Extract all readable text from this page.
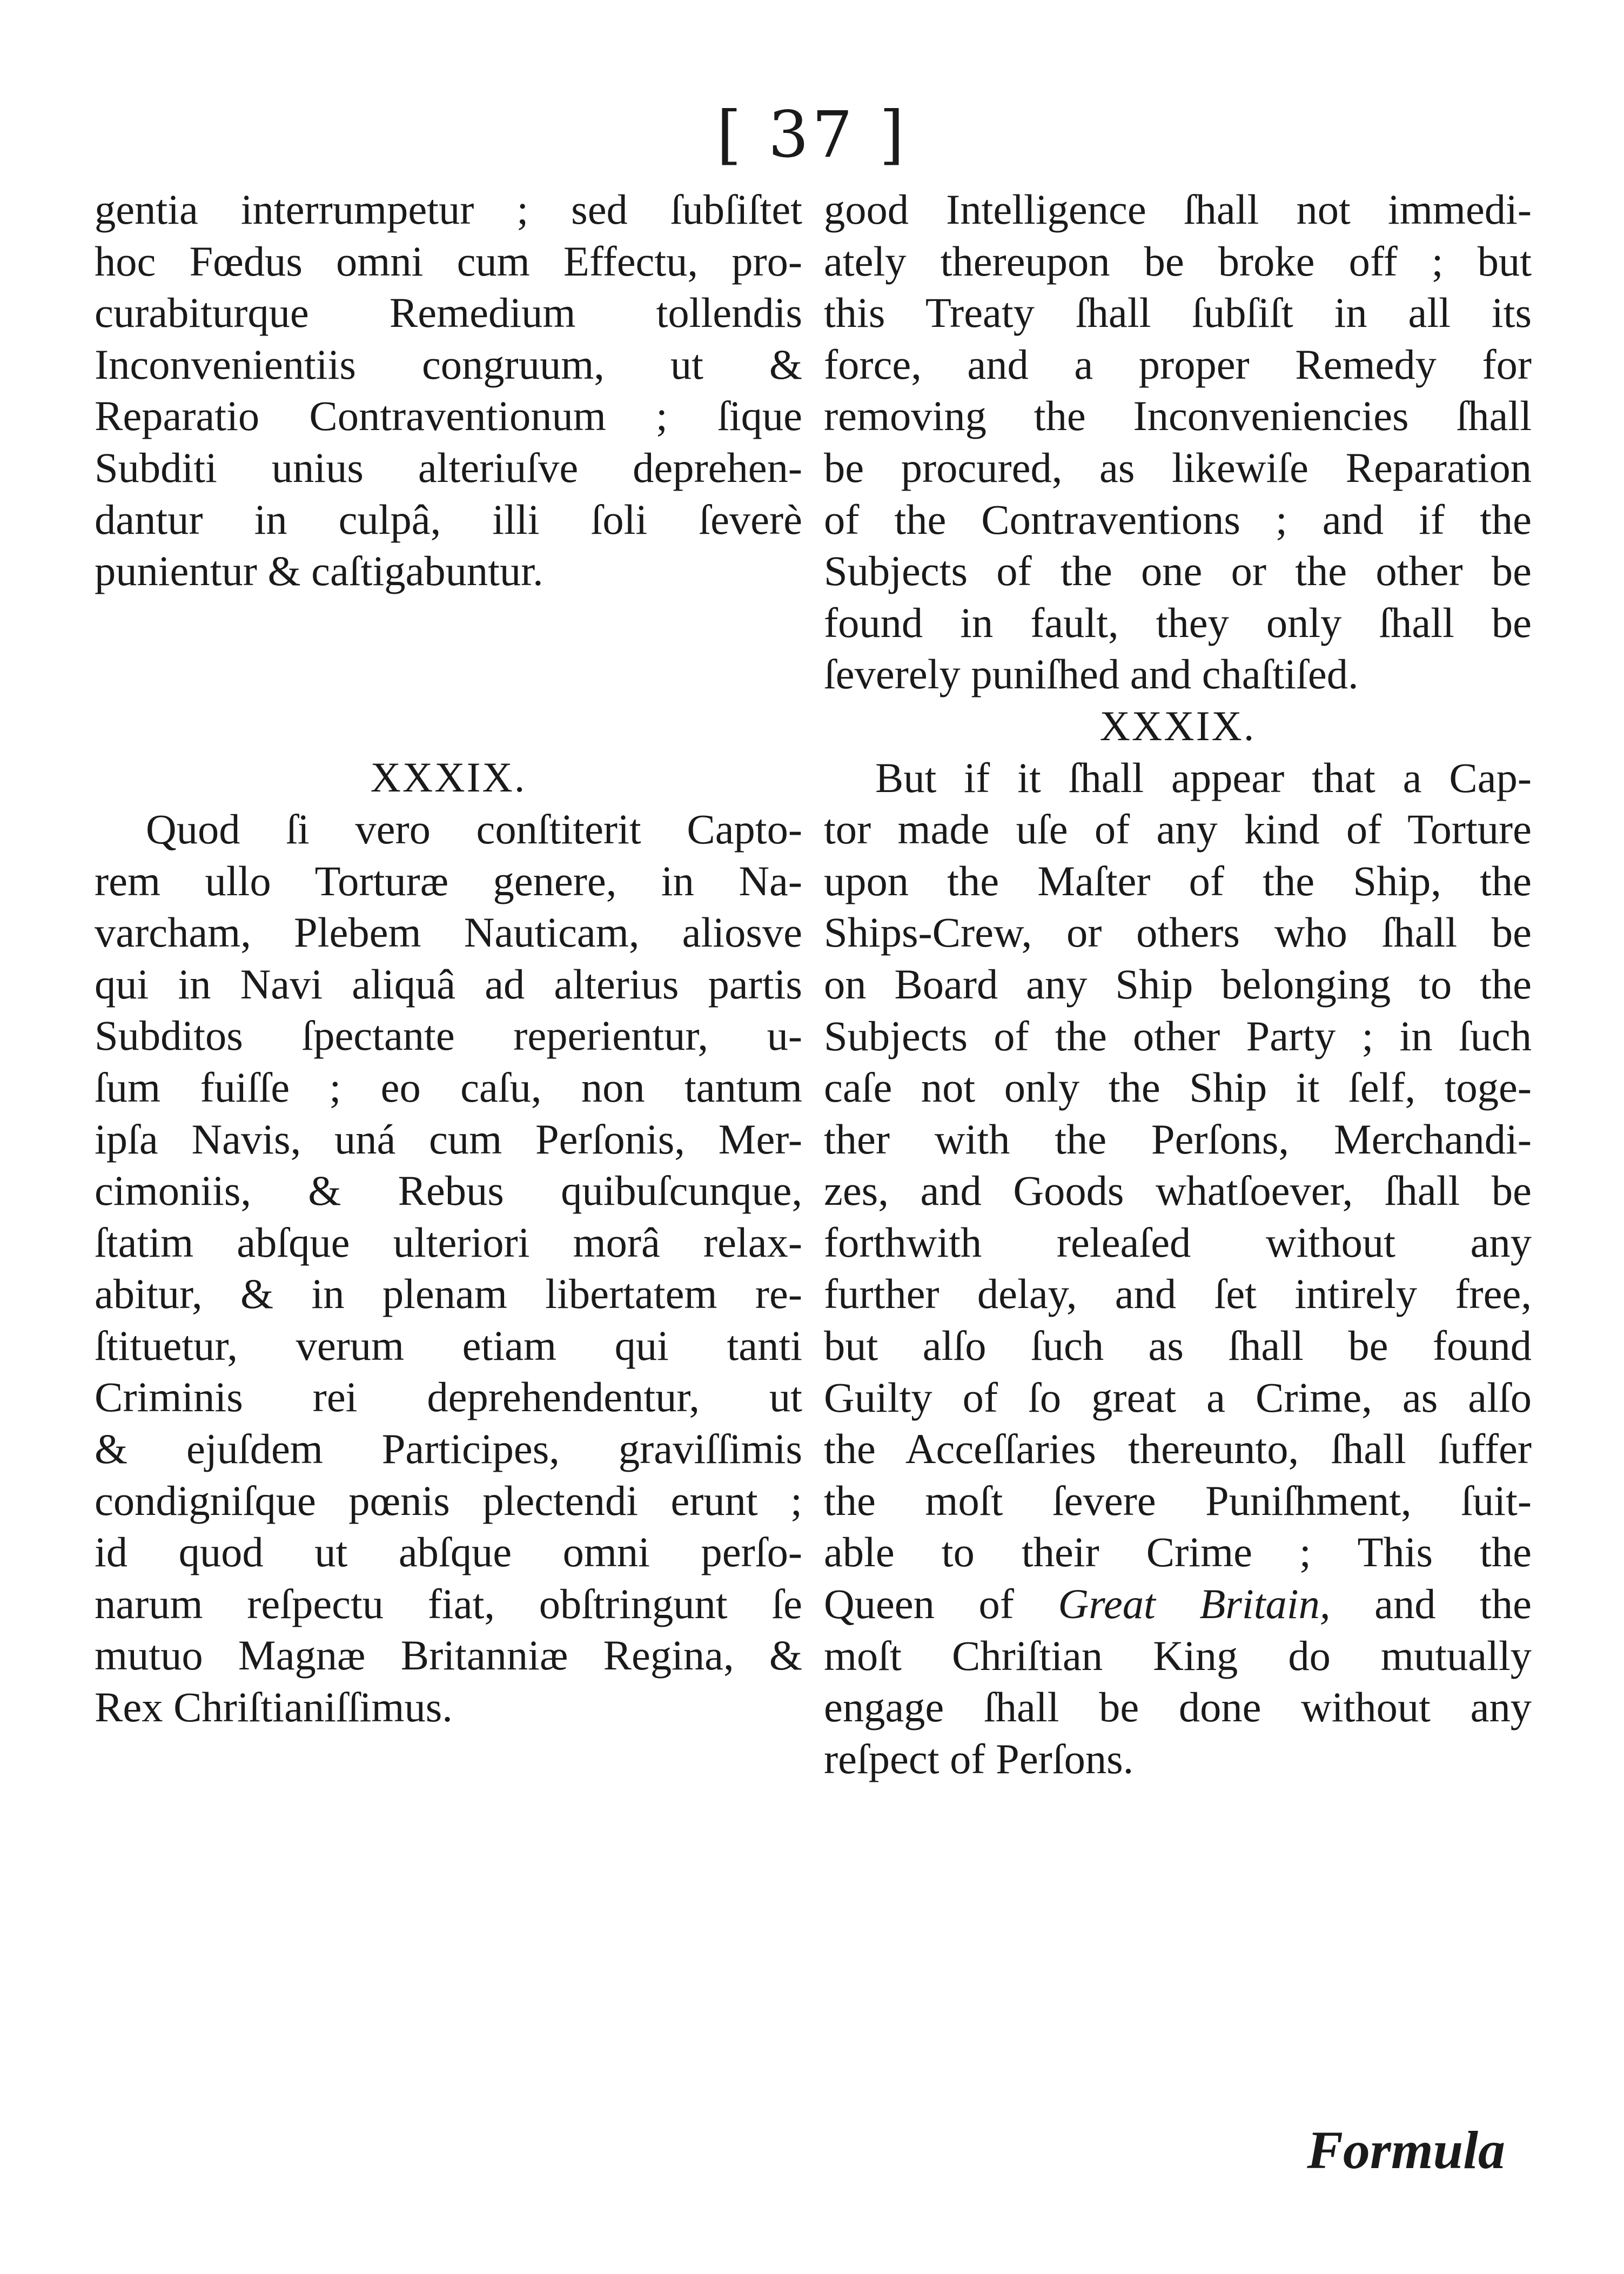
[ 37 ]
gentia interrumpetur ; sed ſubſiſtet
hoc Fœdus omni cum Effectu, pro-
curabiturque Remedium tollendis
Inconvenientiis congruum, ut &
Reparatio Contraventionum ; ſique
Subditi unius alteriuſve deprehen-
dantur in culpâ, illi ſoli ſeverè
punientur & caſtigabuntur.
XXXIX.
Quod ſi vero conſtiterit Capto-
rem ullo Torturæ genere, in Na-
varcham, Plebem Nauticam, aliosve
qui in Navi aliquâ ad alterius partis
Subditos ſpectante reperientur, u-
ſum fuiſſe ; eo caſu, non tantum
ipſa Navis, uná cum Perſonis, Mer-
cimoniis, & Rebus quibuſcunque,
ſtatim abſque ulteriori morâ relax-
abitur, & in plenam libertatem re-
ſtituetur, verum etiam qui tanti
Criminis rei deprehendentur, ut
& ejuſdem Participes, graviſſimis
condigniſque pœnis plectendi erunt ;
id quod ut abſque omni perſo-
narum reſpectu fiat, obſtringunt ſe
mutuo Magnæ Britanniæ Regina, &
Rex Chriſtianiſſimus.
good Intelligence ſhall not immedi-
ately thereupon be broke off ; but
this Treaty ſhall ſubſiſt in all its
force, and a proper Remedy for
removing the Inconveniencies ſhall
be procured, as likewiſe Reparation
of the Contraventions ; and if the
Subjects of the one or the other be
found in fault, they only ſhall be
ſeverely puniſhed and chaſtiſed.
XXXIX.
But if it ſhall appear that a Cap-
tor made uſe of any kind of Torture
upon the Maſter of the Ship, the
Ships-Crew, or others who ſhall be
on Board any Ship belonging to the
Subjects of the other Party ; in ſuch
caſe not only the Ship it ſelf, toge-
ther with the Perſons, Merchandi-
zes, and Goods whatſoever, ſhall be
forthwith releaſed without any
further delay, and ſet intirely free,
but alſo ſuch as ſhall be found
Guilty of ſo great a Crime, as alſo
the Acceſſaries thereunto, ſhall ſuffer
the moſt ſevere Puniſhment, ſuit-
able to their Crime ; This the
Queen of Great Britain, and the
moſt Chriſtian King do mutually
engage ſhall be done without any
reſpect of Perſons.
Formula
